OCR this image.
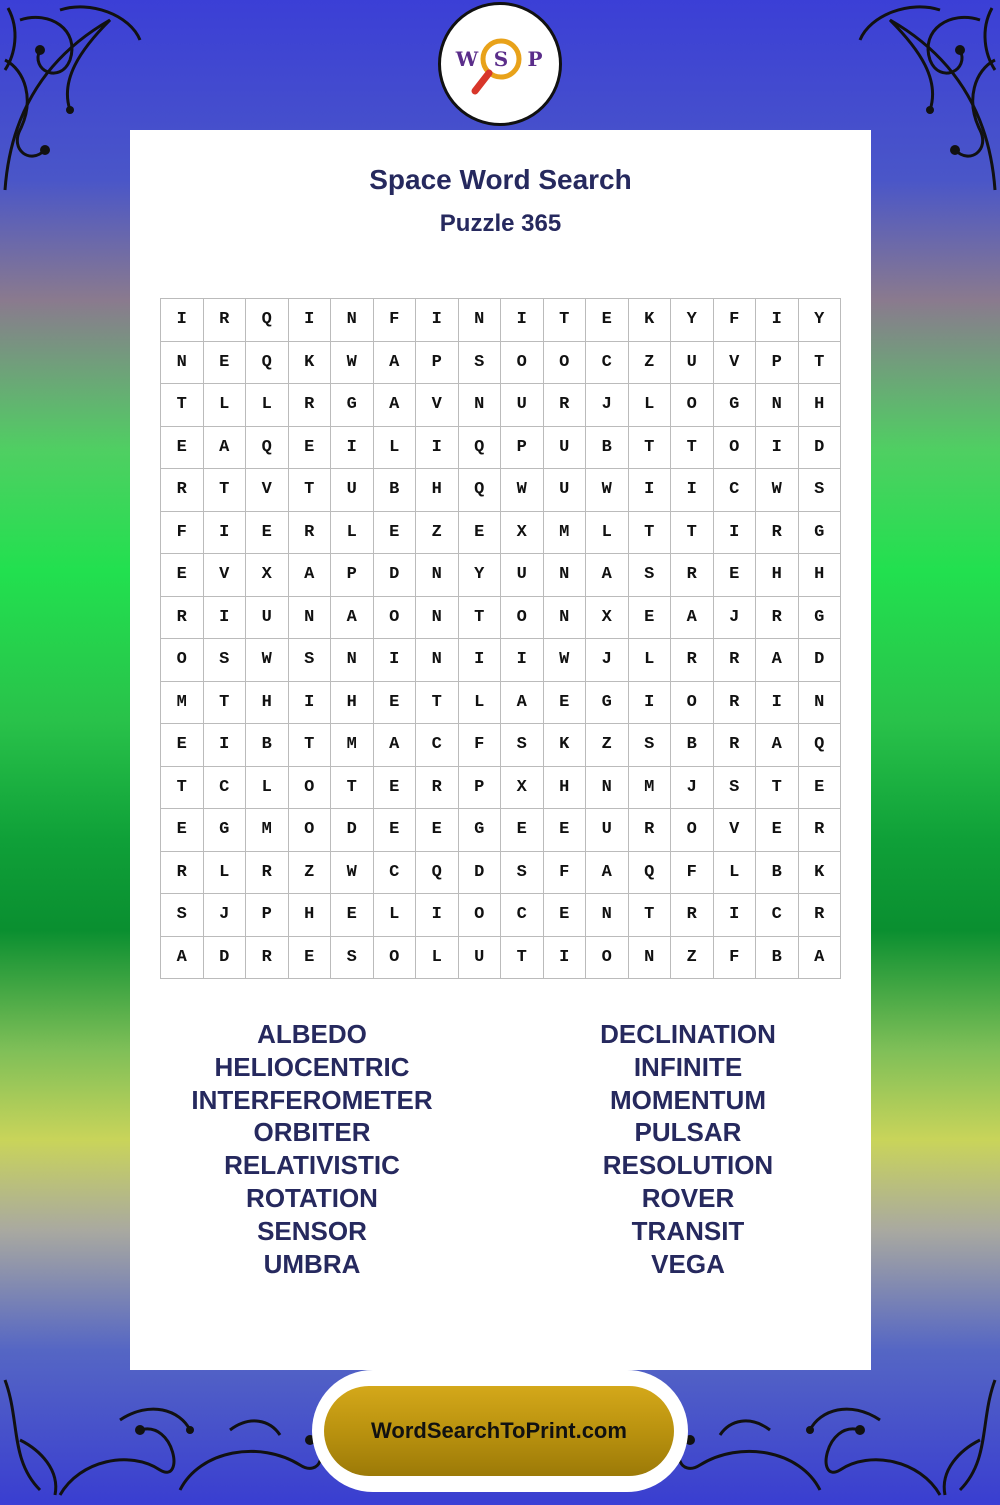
W S P
Space Word Search
Puzzle 365
I	R	Q	I	N	F	I	N	I	T	E	K	Y	F	I	Y
N	E	Q	K	W	A	P	S	O	O	C	Z	U	V	P	T
T	L	L	R	G	A	V	N	U	R	J	L	O	G	N	H
E	A	Q	E	I	L	I	Q	P	U	B	T	T	O	I	D
R	T	V	T	U	B	H	Q	W	U	W	I	I	C	W	S
F	I	E	R	L	E	Z	E	X	M	L	T	T	I	R	G
E	V	X	A	P	D	N	Y	U	N	A	S	R	E	H	H
R	I	U	N	A	O	N	T	O	N	X	E	A	J	R	G
O	S	W	S	N	I	N	I	I	W	J	L	R	R	A	D
M	T	H	I	H	E	T	L	A	E	G	I	O	R	I	N
E	I	B	T	M	A	C	F	S	K	Z	S	B	R	A	Q
T	C	L	O	T	E	R	P	X	H	N	M	J	S	T	E
E	G	M	O	D	E	E	G	E	E	U	R	O	V	E	R
R	L	R	Z	W	C	Q	D	S	F	A	Q	F	L	B	K
S	J	P	H	E	L	I	O	C	E	N	T	R	I	C	R
A	D	R	E	S	O	L	U	T	I	O	N	Z	F	B	A
ALBEDO
HELIOCENTRIC
INTERFEROMETER
ORBITER
RELATIVISTIC
ROTATION
SENSOR
UMBRA
DECLINATION
INFINITE
MOMENTUM
PULSAR
RESOLUTION
ROVER
TRANSIT
VEGA
WordSearchToPrint.com
